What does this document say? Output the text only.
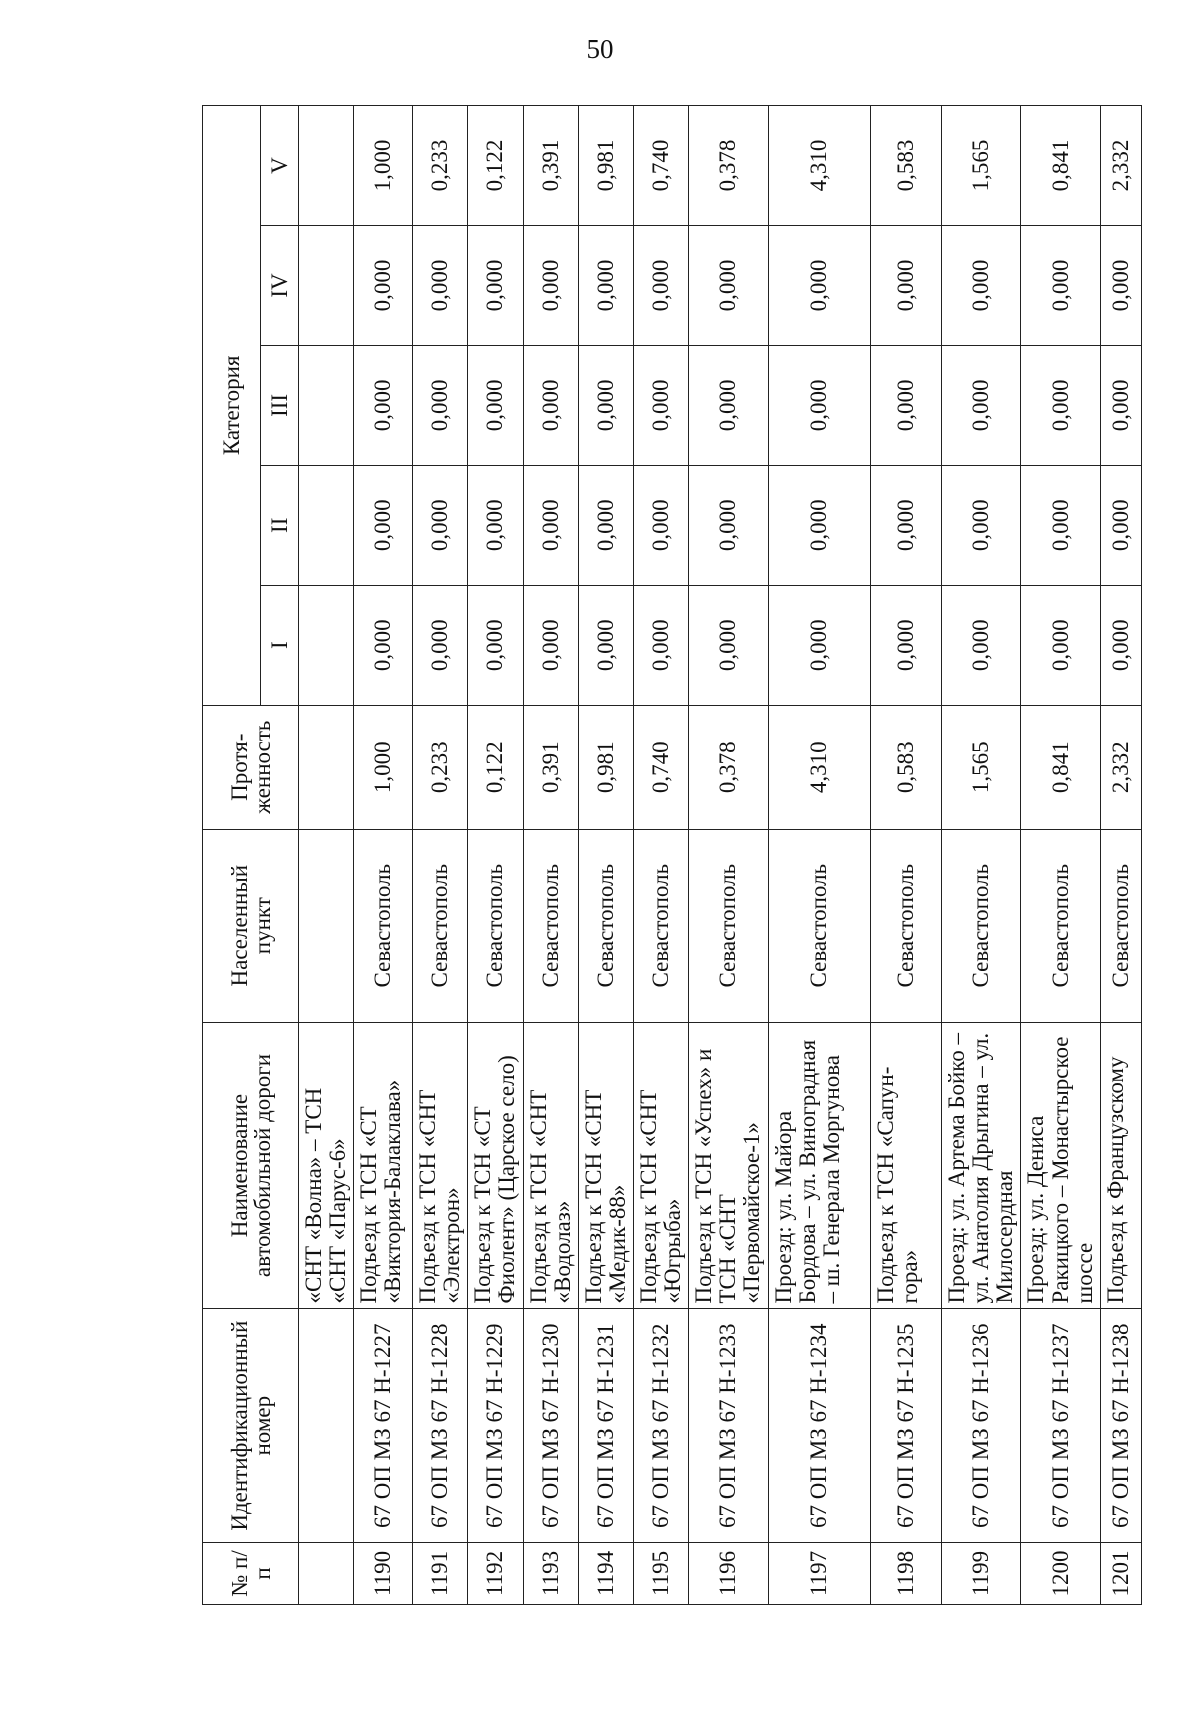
50
№ п/п	Идентификационный номер	Наименование автомобильной дороги	Населенный пункт	Протя-женность	Категория				
					I	II	III	IV	V
		«СНТ «Волна» – ТСН «СНТ «Парус-6»							
1190	67 ОП МЗ 67 Н-1227	Подъезд к ТСН «СТ «Виктория-Балаклава»	Севастополь	1,000	0,000	0,000	0,000	0,000	1,000
1191	67 ОП МЗ 67 Н-1228	Подъезд к ТСН «СНТ «Электрон»	Севастополь	0,233	0,000	0,000	0,000	0,000	0,233
1192	67 ОП МЗ 67 Н-1229	Подъезд к ТСН «СТ Фиолент» (Царское село)	Севастополь	0,122	0,000	0,000	0,000	0,000	0,122
1193	67 ОП МЗ 67 Н-1230	Подъезд к ТСН «СНТ «Водолаз»	Севастополь	0,391	0,000	0,000	0,000	0,000	0,391
1194	67 ОП МЗ 67 Н-1231	Подъезд к ТСН «СНТ «Медик-88»	Севастополь	0,981	0,000	0,000	0,000	0,000	0,981
1195	67 ОП МЗ 67 Н-1232	Подъезд к ТСН «СНТ «Югрыба»	Севастополь	0,740	0,000	0,000	0,000	0,000	0,740
1196	67 ОП МЗ 67 Н-1233	Подъезд к ТСН «Успех» и ТСН «СНТ «Первомайское-1»	Севастополь	0,378	0,000	0,000	0,000	0,000	0,378
1197	67 ОП МЗ 67 Н-1234	Проезд: ул. Майора Бордова – ул. Виноградная – ш. Генерала Моргунова	Севастополь	4,310	0,000	0,000	0,000	0,000	4,310
1198	67 ОП МЗ 67 Н-1235	Подъезд к ТСН «Сапун-гора»	Севастополь	0,583	0,000	0,000	0,000	0,000	0,583
1199	67 ОП МЗ 67 Н-1236	Проезд: ул. Артема Бойко – ул. Анатолия Дрыгина – ул. Милосердная	Севастополь	1,565	0,000	0,000	0,000	0,000	1,565
1200	67 ОП МЗ 67 Н-1237	Проезд: ул. Дениса Ракицкого – Монастырское шоссе	Севастополь	0,841	0,000	0,000	0,000	0,000	0,841
1201	67 ОП МЗ 67 Н-1238	Подъезд к Французскому	Севастополь	2,332	0,000	0,000	0,000	0,000	2,332
